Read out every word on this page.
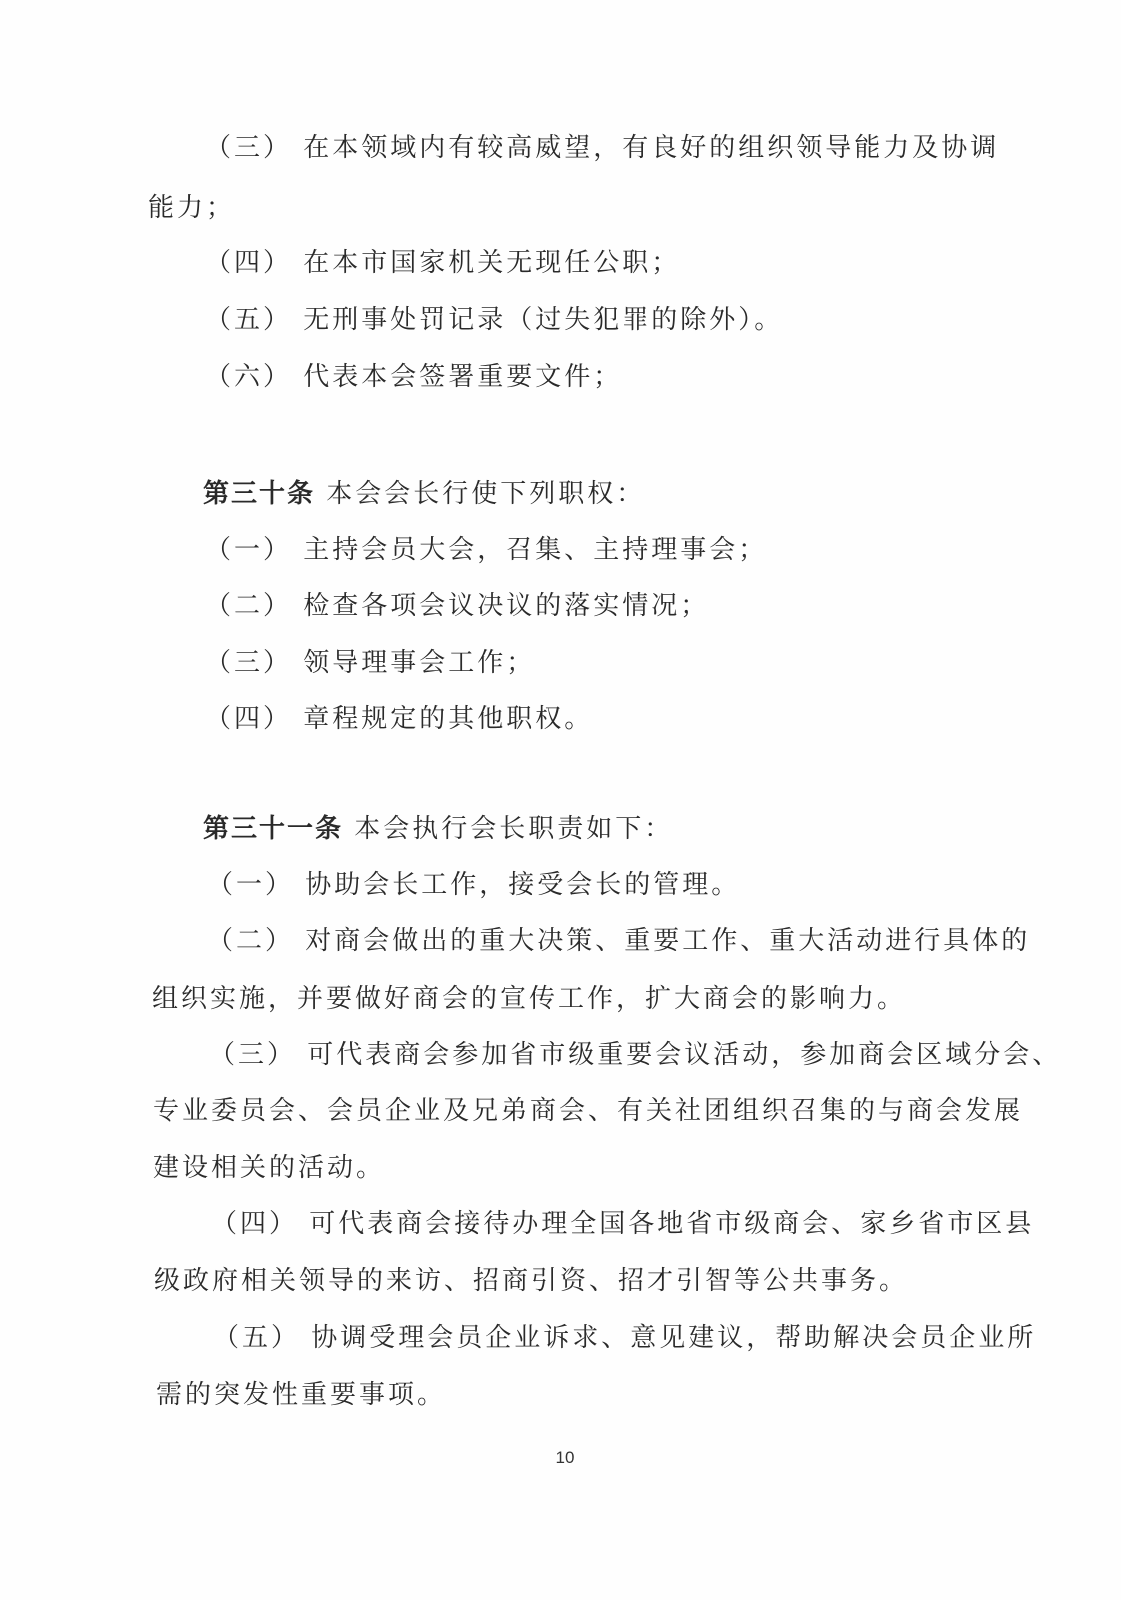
（三） 在本领域内有较高威望，有良好的组织领导能力及协调
能力；
（四） 在本市国家机关无现任公职；
（五） 无刑事处罚记录（过失犯罪的除外）。
（六） 代表本会签署重要文件；
第三十条 本会会长行使下列职权：
（一） 主持会员大会，召集、主持理事会；
（二） 检查各项会议决议的落实情况；
（三） 领导理事会工作；
（四） 章程规定的其他职权。
第三十一条 本会执行会长职责如下：
（一） 协助会长工作，接受会长的管理。
（二） 对商会做出的重大决策、重要工作、重大活动进行具体的
组织实施，并要做好商会的宣传工作，扩大商会的影响力。
（三） 可代表商会参加省市级重要会议活动，参加商会区域分会、
专业委员会、会员企业及兄弟商会、有关社团组织召集的与商会发展
建设相关的活动。
（四） 可代表商会接待办理全国各地省市级商会、家乡省市区县
级政府相关领导的来访、招商引资、招才引智等公共事务。
（五） 协调受理会员企业诉求、意见建议，帮助解决会员企业所
需的突发性重要事项。
10
